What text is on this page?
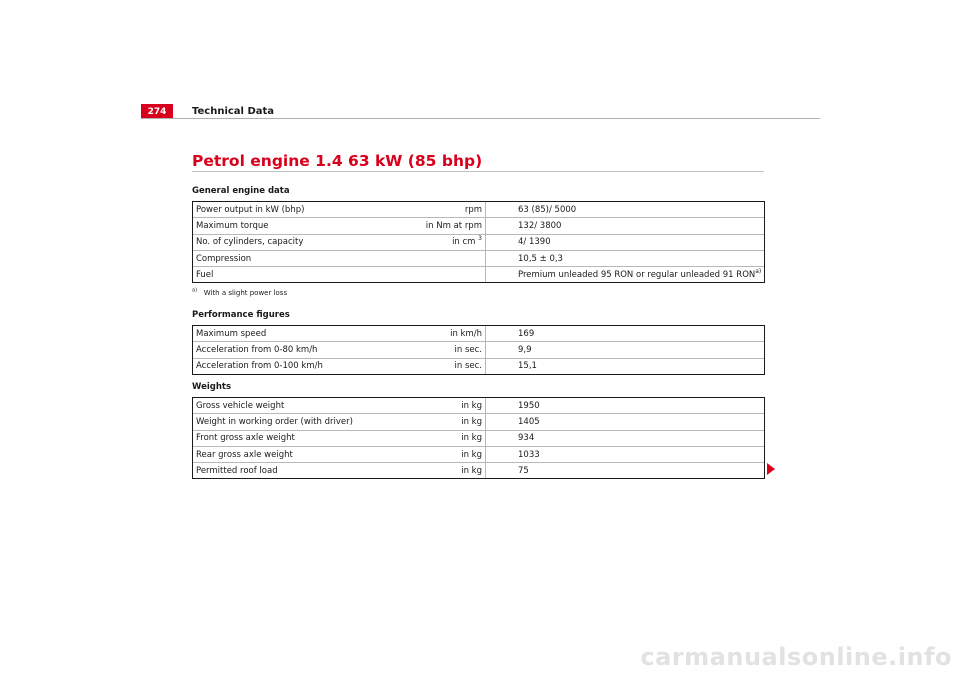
274	Technical Data
Petrol engine 1.4 63 kW (85 bhp)
General engine data
Power output in kW (bhp)	rpm	63 (85)/ 5000
Maximum torque	in Nm at rpm	132/ 3800
No. of cylinders, capacity	in cm $^3$	4/ 1390
Compression		10,5 ± 0,3
Fuel		Premium unleaded 95 RON or regular unleaded 91 RON$^{a)}$
$^{a)}$ With a slight power loss
Performance figures
Maximum speed	in km/h	169
Acceleration from 0-80 km/h	in sec.	9,9
Acceleration from 0-100 km/h	in sec.	15,1
Weights
Gross vehicle weight	in kg	1950
Weight in working order (with driver)	in kg	1405
Front gross axle weight	in kg	934
Rear gross axle weight	in kg	1033
Permitted roof load	in kg	75
carmanualsonline.info
